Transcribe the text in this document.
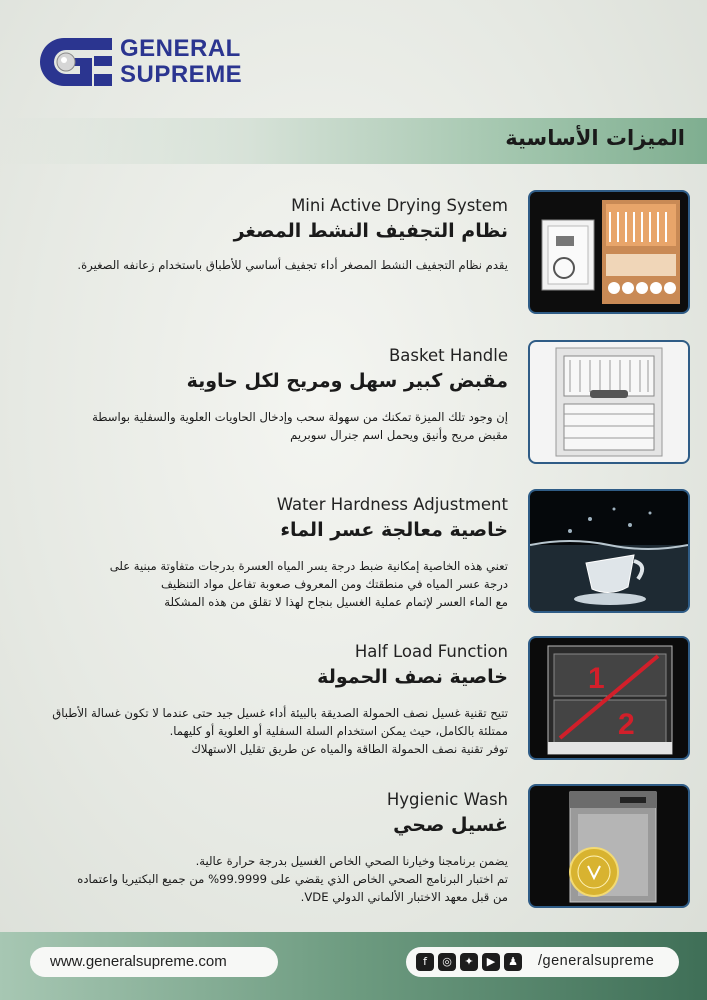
GENERAL
SUPREME
الميزات الأساسية
Mini Active Drying System
نظام التجفيف النشط المصغر
يقدم نظام التجفيف النشط المصغر أداء تجفيف أساسي للأطباق باستخدام زعانفه الصغيرة.
Basket Handle
مقبض كبير سهل ومريح لكل حاوية
إن وجود تلك الميزة تمكنك من سهولة سحب وإدخال الحاويات العلوية والسفلية بواسطة
مقبض مريح وأنيق ويحمل اسم جنرال سوبريم
Water Hardness Adjustment
خاصية معالجة عسر الماء
تعني هذه الخاصية إمكانية ضبط درجة يسر المياه العسرة بدرجات متفاوتة مبنية على
درجة عسر المياه في منطقتك ومن المعروف صعوبة تفاعل مواد التنظيف
مع الماء العسر لإتمام عملية الغسيل بنجاح لهذا لا تقلق من هذه المشكلة
Half Load Function
خاصية نصف الحمولة
تتيح تقنية غسيل نصف الحمولة الصديقة بالبيئة أداء غسيل جيد حتى عندما لا تكون غسالة الأطباق
ممتلئة بالكامل، حيث يمكن استخدام السلة السفلية أو العلوية أو كليهما.
توفر تقنية نصف الحمولة الطاقة والمياه عن طريق تقليل الاستهلاك
1
2
Hygienic Wash
غسيل صحي
يضمن برنامجنا وخيارنا الصحي الخاص الغسيل بدرجة حرارة عالية.
تم اختبار البرنامج الصحي الخاص الذي يقضي على 99.9999% من جميع البكتيريا واعتماده
من قبل معهد الاختبار الألماني الدولي VDE.
www.generalsupreme.com	f	◎	✦	▶	♟ /generalsupreme
